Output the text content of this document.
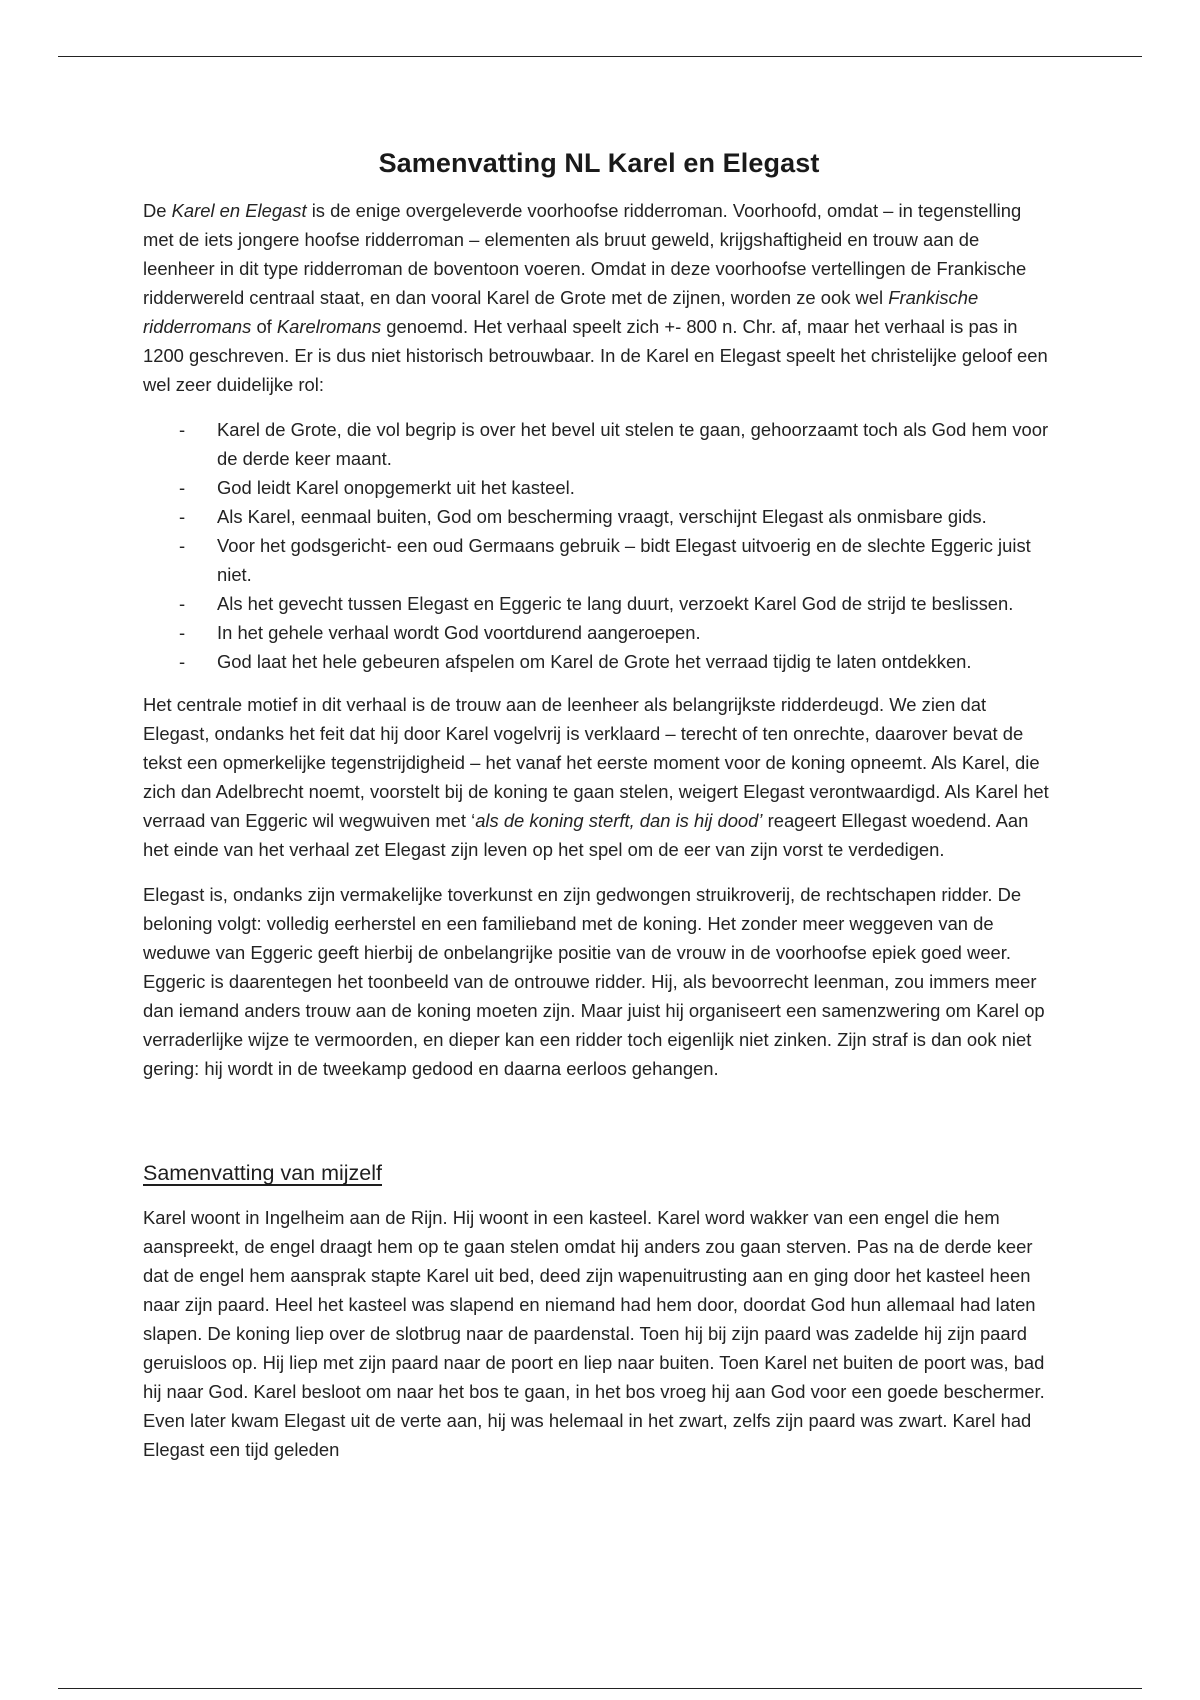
Samenvatting NL Karel en Elegast

De Karel en Elegast is de enige overgeleverde voorhoofse ridderroman. Voorhoofd, omdat – in tegenstelling met de iets jongere hoofse ridderroman – elementen als bruut geweld, krijgshaftigheid en trouw aan de leenheer in dit type ridderroman de boventoon voeren. Omdat in deze voorhoofse vertellingen de Frankische ridderwereld centraal staat, en dan vooral Karel de Grote met de zijnen, worden ze ook wel Frankische ridderromans of Karelromans genoemd. Het verhaal speelt zich +- 800 n. Chr. af, maar het verhaal is pas in 1200 geschreven. Er is dus niet historisch betrouwbaar. In de Karel en Elegast speelt het christelijke geloof een wel zeer duidelijke rol:

- Karel de Grote, die vol begrip is over het bevel uit stelen te gaan, gehoorzaamt toch als God hem voor de derde keer maant.
- God leidt Karel onopgemerkt uit het kasteel.
- Als Karel, eenmaal buiten, God om bescherming vraagt, verschijnt Elegast als onmisbare gids.
- Voor het godsgericht- een oud Germaans gebruik – bidt Elegast uitvoerig en de slechte Eggeric juist niet.
- Als het gevecht tussen Elegast en Eggeric te lang duurt, verzoekt Karel God de strijd te beslissen.
- In het gehele verhaal wordt God voortdurend aangeroepen.
- God laat het hele gebeuren afspelen om Karel de Grote het verraad tijdig te laten ontdekken.

Het centrale motief in dit verhaal is de trouw aan de leenheer als belangrijkste ridderdeugd. We zien dat Elegast, ondanks het feit dat hij door Karel vogelvrij is verklaard – terecht of ten onrechte, daarover bevat de tekst een opmerkelijke tegenstrijdigheid – het vanaf het eerste moment voor de koning opneemt. Als Karel, die zich dan Adelbrecht noemt, voorstelt bij de koning te gaan stelen, weigert Elegast verontwaardigd. Als Karel het verraad van Eggeric wil wegwuiven met ‘als de koning sterft, dan is hij dood’ reageert Ellegast woedend. Aan het einde van het verhaal zet Elegast zijn leven op het spel om de eer van zijn vorst te verdedigen.

Elegast is, ondanks zijn vermakelijke toverkunst en zijn gedwongen struikroverij, de rechtschapen ridder. De beloning volgt: volledig eerherstel en een familieband met de koning. Het zonder meer weggeven van de weduwe van Eggeric geeft hierbij de onbelangrijke positie van de vrouw in de voorhoofse epiek goed weer. Eggeric is daarentegen het toonbeeld van de ontrouwe ridder. Hij, als bevoorrecht leenman, zou immers meer dan iemand anders trouw aan de koning moeten zijn. Maar juist hij organiseert een samenzwering om Karel op verraderlijke wijze te vermoorden, en dieper kan een ridder toch eigenlijk niet zinken. Zijn straf is dan ook niet gering: hij wordt in de tweekamp gedood en daarna eerloos gehangen.

Samenvatting van mijzelf

Karel woont in Ingelheim aan de Rijn. Hij woont in een kasteel. Karel word wakker van een engel die hem aanspreekt, de engel draagt hem op te gaan stelen omdat hij anders zou gaan sterven. Pas na de derde keer dat de engel hem aansprak stapte Karel uit bed, deed zijn wapenuitrusting aan en ging door het kasteel heen naar zijn paard. Heel het kasteel was slapend en niemand had hem door, doordat God hun allemaal had laten slapen. De koning liep over de slotbrug naar de paardenstal. Toen hij bij zijn paard was zadelde hij zijn paard geruisloos op. Hij liep met zijn paard naar de poort en liep naar buiten. Toen Karel net buiten de poort was, bad hij naar God. Karel besloot om naar het bos te gaan, in het bos vroeg hij aan God voor een goede beschermer. Even later kwam Elegast uit de verte aan, hij was helemaal in het zwart, zelfs zijn paard was zwart. Karel had Elegast een tijd geleden
